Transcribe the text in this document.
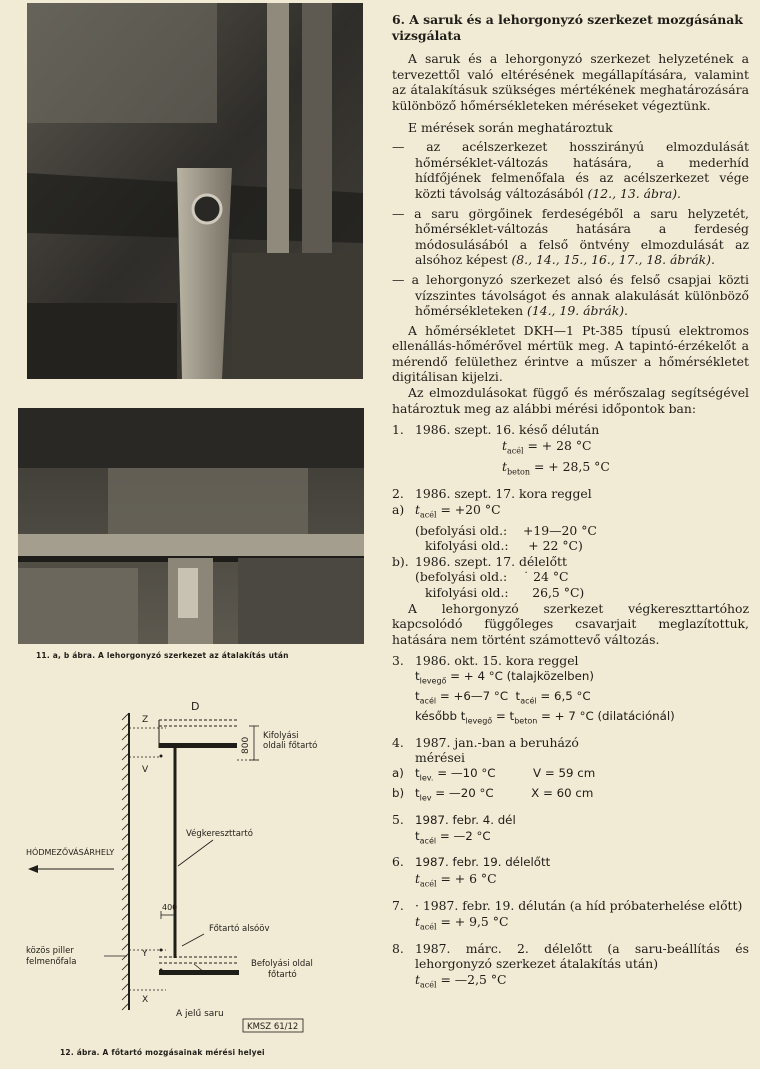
11. a, b ábra. A lehorgonyzó szerkezet az átalakítás után
800
D
Z
V
Kifolyási
oldali főtartó
Végkereszttartó
HÓDMEZŐVÁSÁRHELY
400
Főtartó alsóöv
Y
X
közös piller
felmenőfala	Befolyási oldal
főtartó
A jelű saru
KMSZ 61/12
12. ábra. A főtartó mozgásainak mérési helyei

6. A saruk és a lehorgonyzó szerkezet mozgásának
vizsgálata

A saruk és a lehorgonyzó szerkezet helyzetének a tervezettől való eltérésének megállapítására, valamint az átalakításuk szükséges mértékének meghatározására különböző hőmérsékleteken méréseket végeztünk.

E mérések során meghatároztuk

— az acélszerkezet hosszirányú elmozdulását hőmérséklet-változás hatására, a mederhíd hídfőjének felmenőfala és az acélszerkezet vége közti távolság változásából (12., 13. ábra).

— a saru görgőinek ferdeségéből a saru helyzetét, hőmérséklet-változás hatására a ferdeség módosulásából a felső öntvény elmozdulását az alsóhoz képest (8., 14., 15., 16., 17., 18. ábrák).

— a lehorgonyzó szerkezet alsó és felső csapjai közti vízszintes távolságot és annak alakulását különböző hőmérsékleteken (14., 19. ábrák).

A hőmérsékletet DKH—1 Pt-385 típusú elektromos ellenállás-hőmérővel mértük meg. A tapintó-érzékelőt a mérendő felülethez érintve a műszer a hőmérsékletet digitálisan kijelzi.

Az elmozdulásokat függő és mérőszalag segítségével határoztuk meg az alábbi mérési időpontok ban:

1. 1986. szept. 16. késő délután

$t_{acél}$ = + 28 °C

$t_{beton}$ = + 28,5 °C

2. 1986. szept. 17. kora reggel

a) $t_{acél} = +20$ °C

(befolyási old.:    +19—20 °C

kifolyási old.:     + 22 °C)

b). 1986. szept. 17. délelőtt

(befolyási old.:    ˙ 24 °C

kifolyási old.:      26,5 °C)

A lehorgonyzó szerkezet végkereszttartóhoz kapcsolódó függőleges csavarjait meglazítottuk, hatására nem történt számottevő változás.

3. 1986. okt. 15. kora reggel

$t_{levegő}$ = + 4 °C (talajközelben)

$t_{acél}$ = +6—7 °C  $t_{acél} = 6,5$ °C

később $t_{levegő} = t_{beton}$ = + 7 °C (dilatációnál)

4. 1987. jan.-ban a beruházó

mérései

a) $t_{lev.}$ = —10 °C          V = 59 cm

b) $t_{lev}$ = —20 °C          X = 60 cm

5. 1987. febr. 4. dél

$t_{acél}$ = —2 °C

6. 1987. febr. 19. délelőtt

$t_{acél}$ = + 6 °C

7. · 1987. febr. 19. délután (a híd próbaterhelése előtt)

$t_{acél}$ = + 9,5 °C

8. 1987. márc. 2. délelőtt (a saru-beállítás és lehorgonyzó szerkezet átalakítás után)

$t_{acél}$ = —2,5 °C
